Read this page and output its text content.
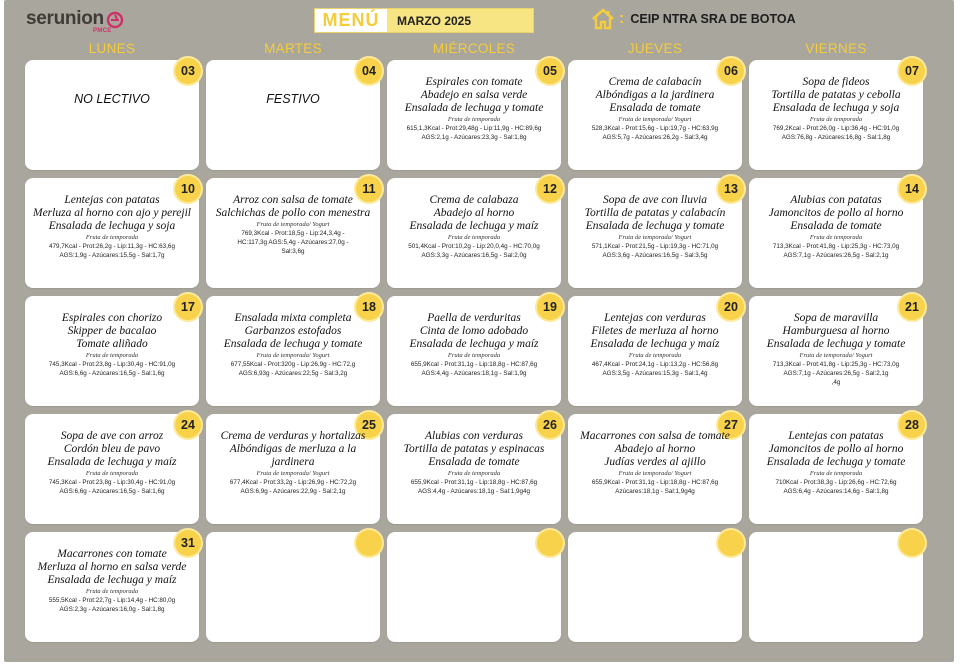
serunion
PMCE
MENÚ	MARZO 2025	: CEIP NTRA SRA DE BOTOA
LUNES	MARTES	MIÉRCOLES	JUEVES	VIERNES
03
NO LECTIVO
04
FESTIVO
05
Espirales con tomate
Abadejo en salsa verde
Ensalada de lechuga y tomate
Fruta de temporada
615,1,3Kcal - Prot:29,48g - Lip:11,9g - HC:89,6g
AGS:2,1g - Azúcares:23,3g - Sal:1,8g
06
Crema de calabacín
Albóndigas a la jardinera
Ensalada de tomate
Fruta de temporada/ Yogurt
528,3Kcal - Prot:15,6g - Lip:19,7g - HC:63,9g
AGS:5,7g - Azúcares:26,2g - Sal:3,4g
07
Sopa de fideos
Tortilla de patatas y cebolla
Ensalada de lechuga y soja
Fruta de temporada
769,2Kcal - Prot:26,0g - Lip:36,4g - HC:91,0g
AGS:76,8g - Azúcares:16,8g - Sal:1,8g
10
Lentejas con patatas
Merluza al horno con ajo y perejil
Ensalada de lechuga y soja
Fruta de temporada
479,7Kcal - Prot:26,2g - Lip:11,3g - HC:63,6g
AGS:1,9g - Azúcares:15,5g - Sal:1,7g
11
Arroz con salsa de tomate
Salchichas de pollo con menestra
Fruta de temporada/ Yogurt
769,3Kcal - Prot:18,5g - Lip:24,3,4g -
HC:117,3g AGS:5,4g - Azúcares:27,0g -
Sal:3,6g
12
Crema de calabaza
Abadejo al horno
Ensalada de lechuga y maíz
Fruta de temporada
501,4Kcal - Prot:10,2g - Lip:20,0,4g - HC:70,0g
AGS:3,3g - Azúcares:16,5g - Sal:2,0g
13
Sopa de ave con lluvia
Tortilla de patatas y calabacín
Ensalada de lechuga y tomate
Fruta de temporada/ Yogurt
571,1Kcal - Prot:21,5g - Lip:19,3g - HC:71,0g
AGS:3,6g - Azúcares:16,5g - Sal:3,5g
14
Alubias con patatas
Jamoncitos de pollo al horno
Ensalada de tomate
Fruta de temporada
713,3Kcal - Prot:41,8g - Lip:25,3g - HC:73,0g
AGS:7,1g - Azúcares:26,5g - Sal:2,1g
17
Espirales con chorizo
Skipper de bacalao
Tomate aliñado
Fruta de temporada
745,3Kcal - Prot:23,8g - Lip:30,4g - HC:91,0g
AGS:6,6g - Azúcares:16,5g - Sal:1,6g
18
Ensalada mixta completa
Garbanzos estofados
Ensalada de lechuga y tomate
Fruta de temporada/ Yogurt
677,55Kcal - Prot:320g - Lip:26,9g - HC:72,g
AGS:6,93g - Azúcares:22,5g - Sal:3,2g
19
Paella de verduritas
Cinta de lomo adobado
Ensalada de lechuga y maíz
Fruta de temporada
655,9Kcal - Prot:31,1g - Lip:18,8g - HC:87,6g
AGS:4,4g - Azúcares:18,1g - Sal:1,9g
20
Lentejas con verduras
Filetes de merluza al horno
Ensalada de lechuga y maíz
Fruta de temporada
467,4Kcal - Prot:24,1g - Lip:13,2g - HC:56,8g
AGS:3,5g - Azúcares:15,3g - Sal:1,4g
21
Sopa de maravilla
Hamburguesa al horno
Ensalada de lechuga y tomate
Fruta de temporada/ Yogurt
713,3Kcal - Prot:41,8g - Lip:25,3g - HC:73,0g
AGS:7,1g - Azúcares:26,5g - Sal:2,1g
,4g
24
Sopa de ave con arroz
Cordón bleu de pavo
Ensalada de lechuga y maíz
Fruta de temporada
745,3Kcal - Prot:23,8g - Lip:30,4g - HC:91,0g
AGS:6,6g - Azúcares:16,5g - Sal:1,6g
25
Crema de verduras y hortalizas
Albóndigas de merluza a la jardinera
Fruta de temporada/ Yogurt
677,4Kcal - Prot:33,2g - Lip:26,9g - HC:72,2g
AGS:6,9g - Azúcares:22,9g - Sal:2,1g
26
Alubias con verduras
Tortilla de patatas y espinacas
Ensalada de tomate
Fruta de temporada
655,9Kcal - Prot:31,1g - Lip:18,8g - HC:87,6g
AGS:4,4g - Azúcares:18,1g - Sal:1,9g4g
27
Macarrones con salsa de tomate
Abadejo al horno
Judías verdes al ajillo
Fruta de temporada/ Yogurt
655,9Kcal - Prot:31,1g - Lip:18,8g - HC:87,6g
Azúcares:18,1g - Sal:1,9g4g
28
Lentejas con patatas
Jamoncitos de pollo al horno
Ensalada de lechuga y tomate
Fruta de temporada
710Kcal - Prot:38,3g - Lip:26,6g - HC:72,6g
AGS:6,4g - Azúcares:14,6g - Sal:1,8g
31
Macarrones con tomate
Merluza al horno en salsa verde
Ensalada de lechuga y maíz
Fruta de temporada
555,5Kcal - Prot:22,7g - Lip:14,4g - HC:80,0g
AGS:2,3g - Azúcares:16,0g - Sal:1,8g
